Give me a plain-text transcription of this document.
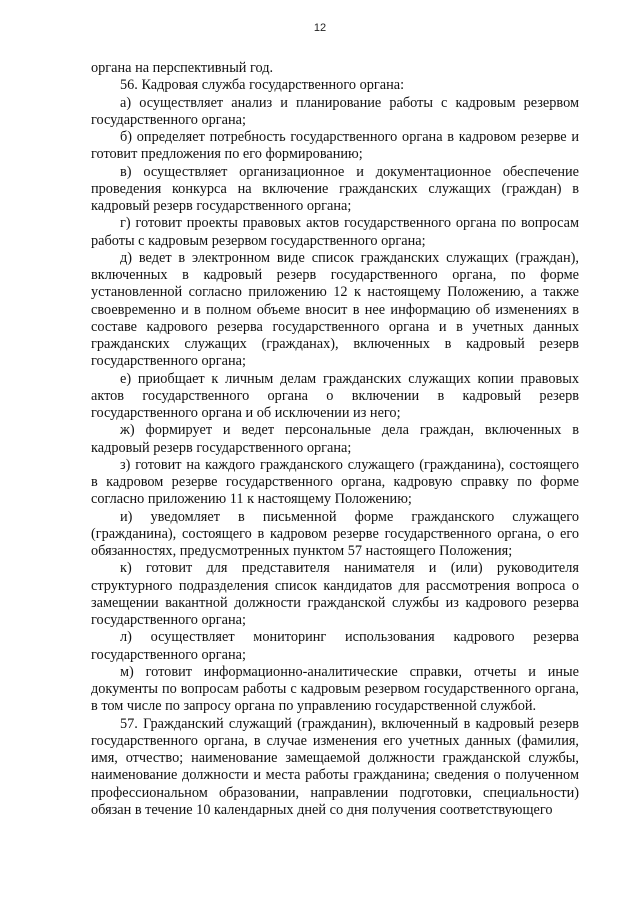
12

органа на перспективный год.

56. Кадровая служба государственного органа:

а) осуществляет анализ и планирование работы с кадровым резервом государственного органа;

б) определяет потребность государственного органа в кадровом резерве и готовит предложения по его формированию;

в) осуществляет организационное и документационное обеспечение проведения конкурса на включение гражданских служащих (граждан) в кадровый резерв государственного органа;

г) готовит проекты правовых актов государственного органа по вопросам работы с кадровым резервом государственного органа;

д) ведет в электронном виде список гражданских служащих (граждан), включенных в кадровый резерв государственного органа, по форме установленной согласно приложению 12 к настоящему Положению, а также своевременно и в полном объеме вносит в нее информацию об изменениях в составе кадрового резерва государственного органа и в учетных данных гражданских служащих (гражданах), включенных в кадровый резерв государственного органа;

е) приобщает к личным делам гражданских служащих копии правовых актов государственного органа о включении в кадровый резерв государственного органа и об исключении из него;

ж) формирует и ведет персональные дела граждан, включенных в кадровый резерв государственного органа;

з) готовит на каждого гражданского служащего (гражданина), состоящего в кадровом резерве государственного органа, кадровую справку по форме согласно приложению 11 к настоящему Положению;

и) уведомляет в письменной форме гражданского служащего (гражданина), состоящего в кадровом резерве государственного органа, о его обязанностях, предусмотренных пунктом 57 настоящего Положения;

к) готовит для представителя нанимателя и (или) руководителя структурного подразделения список кандидатов для рассмотрения вопроса о замещении вакантной должности гражданской службы из кадрового резерва государственного органа;

л) осуществляет мониторинг использования кадрового резерва государственного органа;

м) готовит информационно-аналитические справки, отчеты и иные документы по вопросам работы с кадровым резервом государственного органа, в том числе по запросу органа по управлению государственной службой.

57. Гражданский служащий (гражданин), включенный в кадровый резерв государственного органа, в случае изменения его учетных данных (фамилия, имя, отчество; наименование замещаемой должности гражданской службы, наименование должности и места работы гражданина; сведения о полученном профессиональном образовании, направлении подготовки, специальности) обязан в течение 10 календарных дней со дня получения соответствующего
